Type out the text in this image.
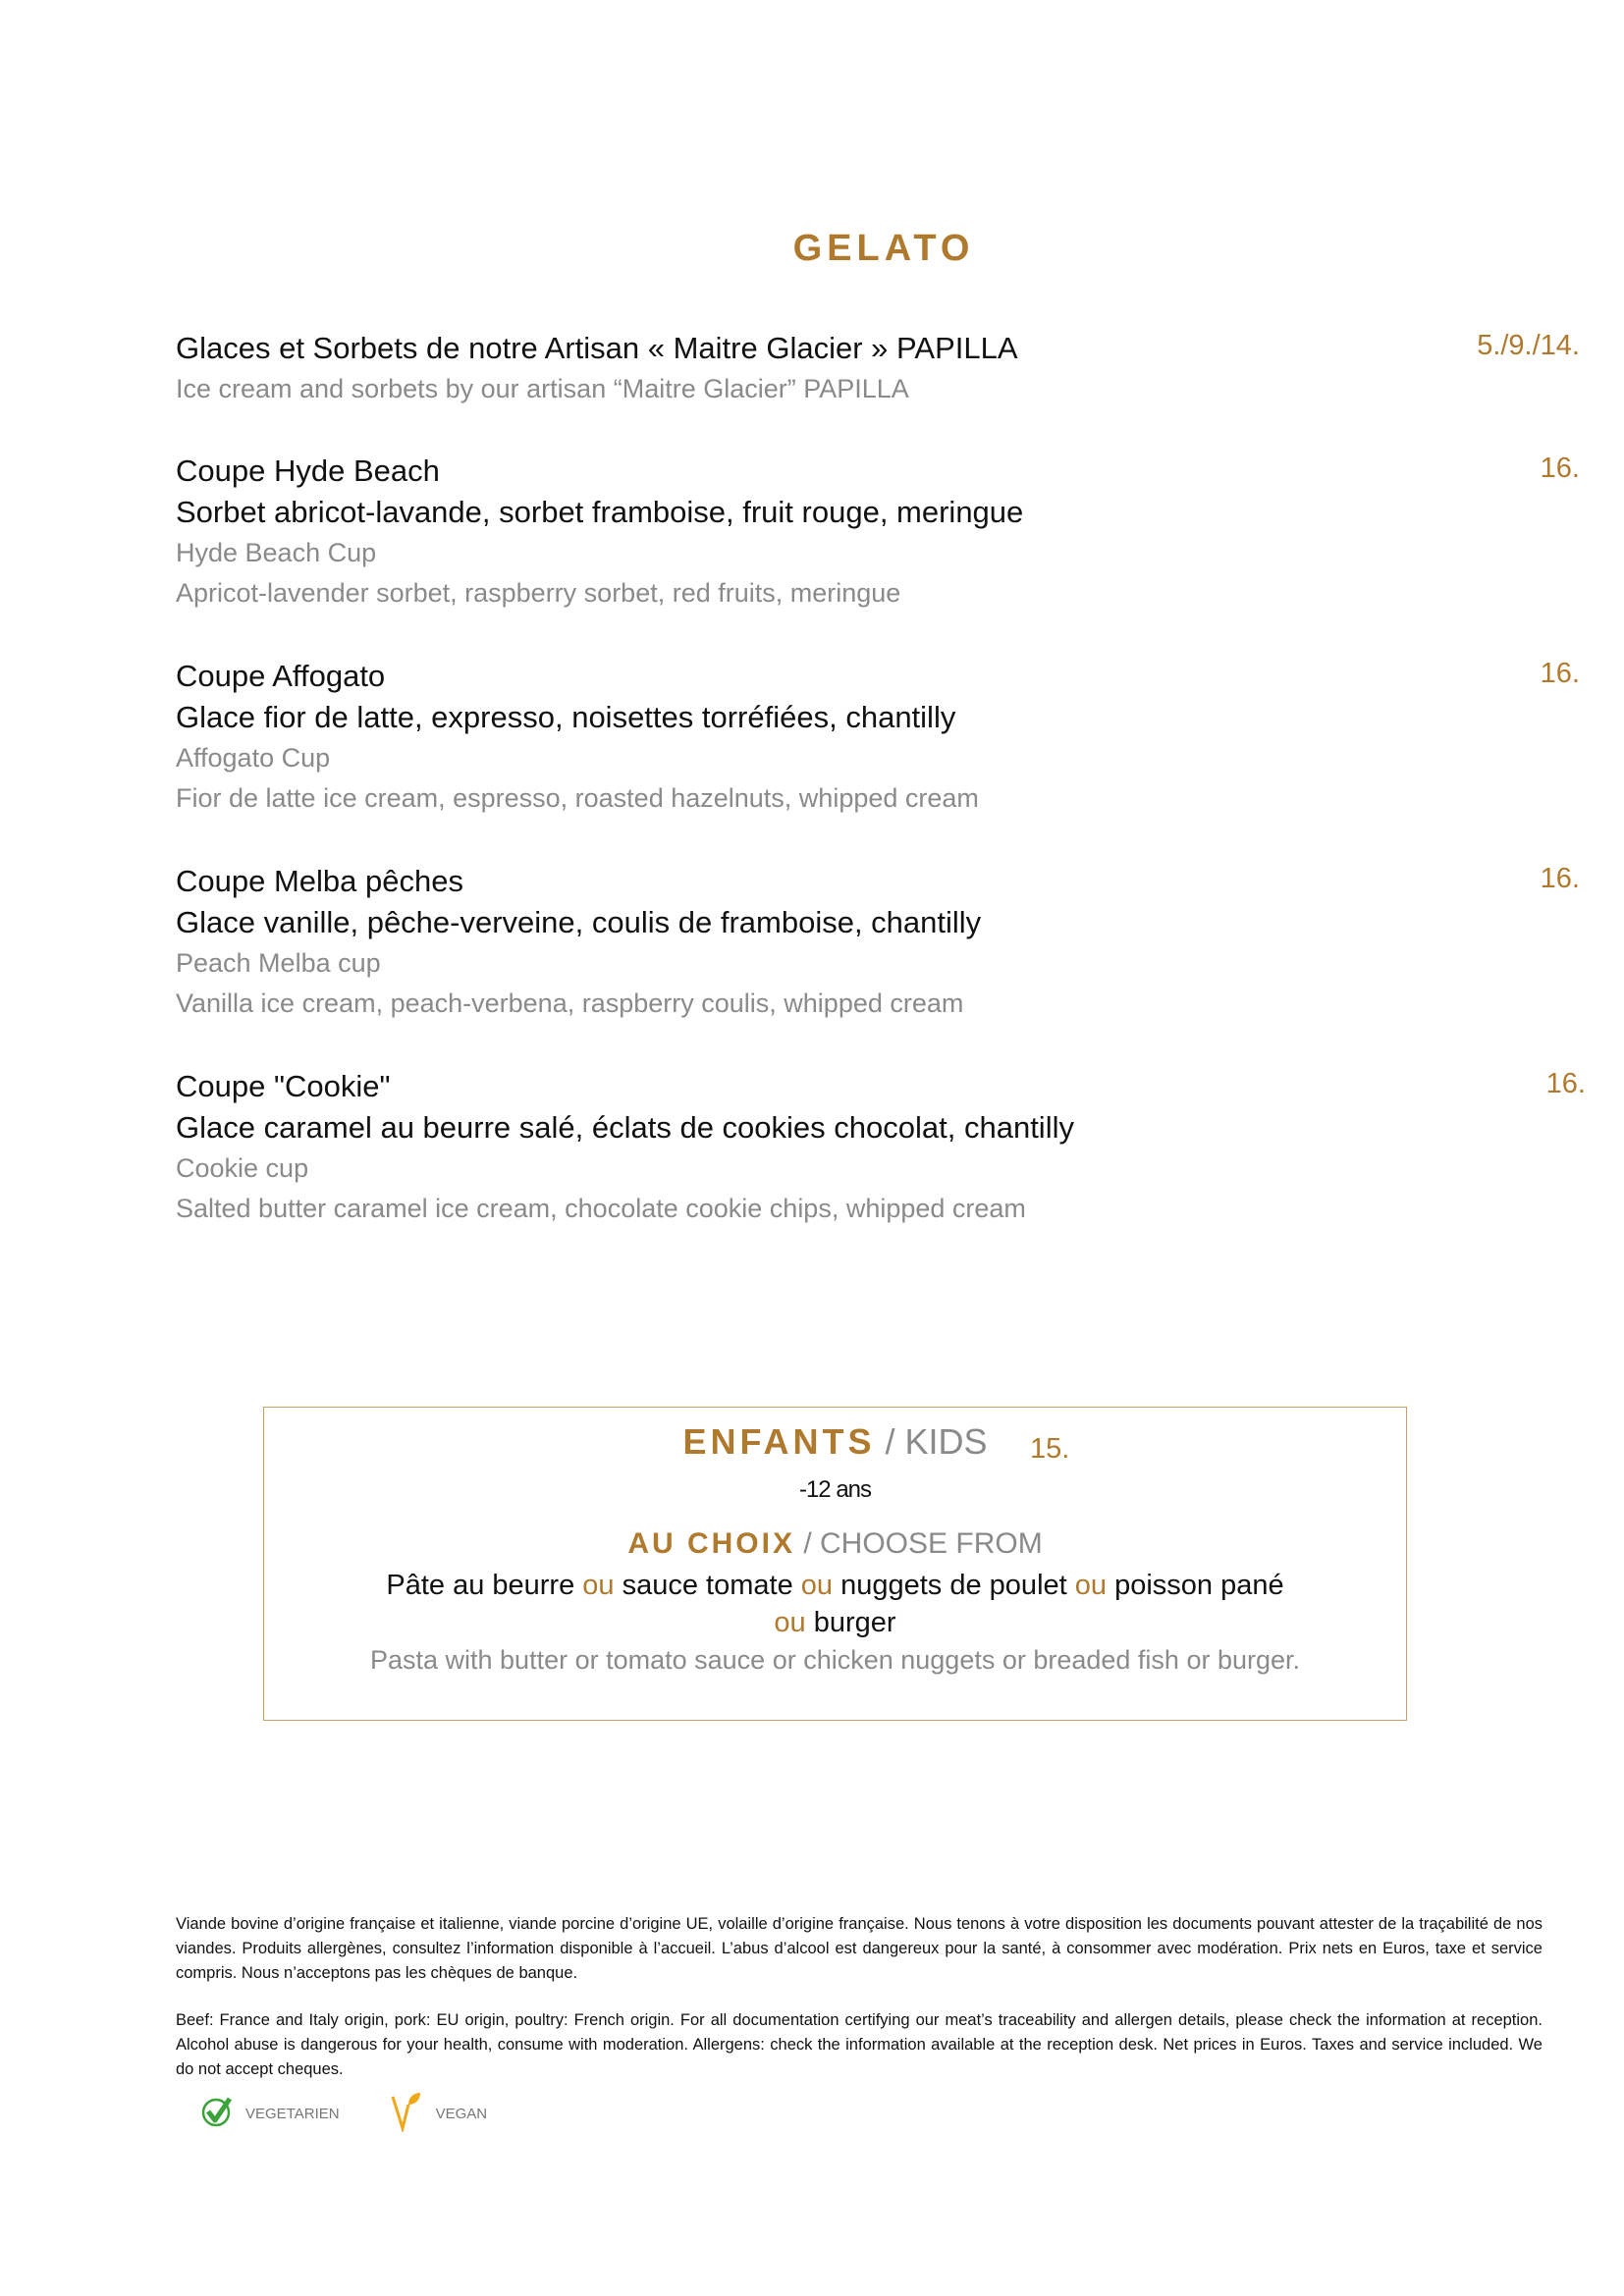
GELATO
Glaces et Sorbets de notre Artisan « Maitre Glacier » PAPILLA
Ice cream and sorbets by our artisan “Maitre Glacier” PAPILLA
5./9./14.
Coupe Hyde Beach
Sorbet abricot-lavande, sorbet framboise, fruit rouge, meringue
Hyde Beach Cup
Apricot-lavender sorbet, raspberry sorbet, red fruits, meringue
16.
Coupe Affogato
Glace fior de latte, expresso, noisettes torréfiées, chantilly
Affogato Cup
Fior de latte ice cream, espresso, roasted hazelnuts, whipped cream
16.
Coupe Melba pêches
Glace vanille, pêche-verveine, coulis de framboise, chantilly
Peach Melba cup
Vanilla ice cream, peach-verbena, raspberry coulis, whipped cream
16.
Coupe "Cookie"
Glace caramel au beurre salé, éclats de cookies chocolat, chantilly
Cookie cup
Salted butter caramel ice cream, chocolate cookie chips, whipped cream
16.
ENFANTS / KIDS	15.
-12 ans
AU CHOIX / CHOOSE FROM
Pâte au beurre ou sauce tomate ou nuggets de poulet ou poisson pané
ou burger
Pasta with butter or tomato sauce or chicken nuggets or breaded fish or burger.

Viande bovine d’origine française et italienne, viande porcine d’origine UE, volaille d’origine française. Nous tenons à votre disposition les documents pouvant attester de la traçabilité de nos viandes. Produits allergènes, consultez l’information disponible à l’accueil. L’abus d’alcool est dangereux pour la santé, à consommer avec modération. Prix nets en Euros, taxe et service compris. Nous n’acceptons pas les chèques de banque.

Beef: France and Italy origin, pork: EU origin, poultry: French origin. For all documentation certifying our meat’s traceability and allergen details, please check the information at reception. Alcohol abuse is dangerous for your health, consume with moderation. Allergens: check the information available at the reception desk. Net prices in Euros. Taxes and service included. We do not accept cheques.

VEGETARIEN	VEGAN
